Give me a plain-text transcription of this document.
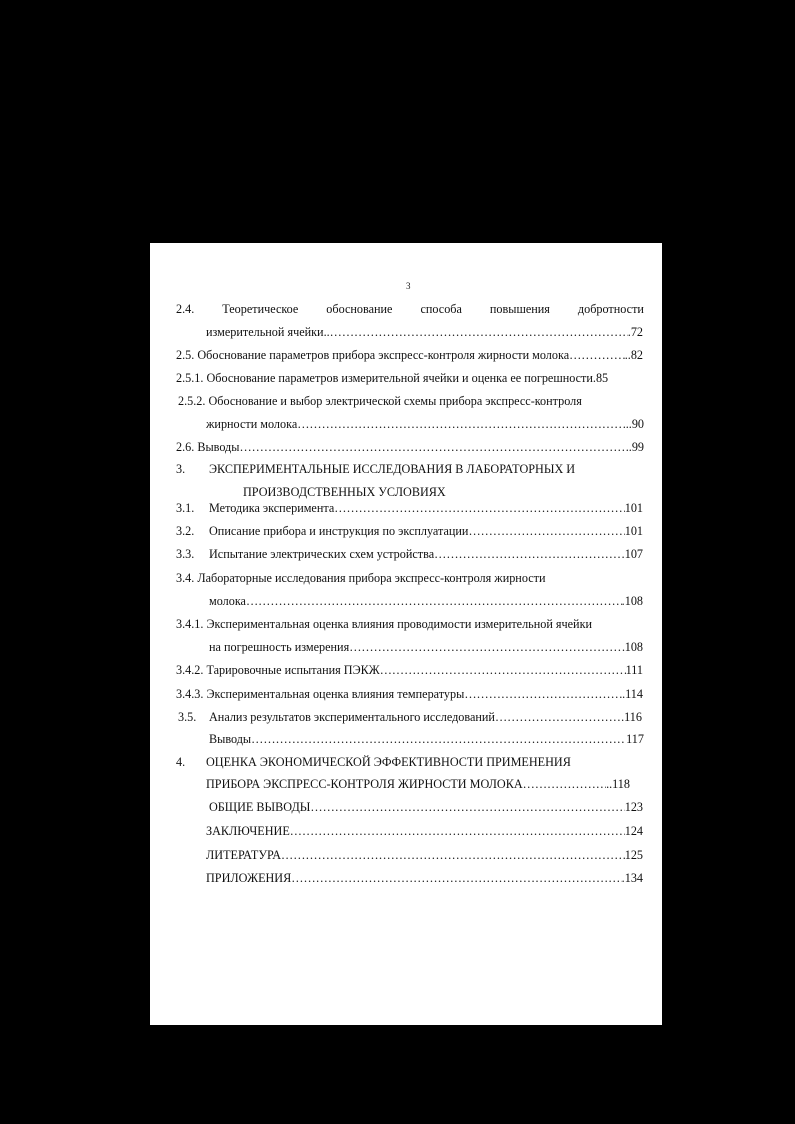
3
2.4. Теоретическое обоснование способа повышения добротности
измерительной ячейки.. ……………………………………………………………………………………………………………………………………………………………………………	.72
2.5. Обоснование параметров прибора экспресс-контроля жирности молока ……………………………………………………………………………………………………………………………………………………………………………	..82
2.5.1. Обоснование параметров измерительной ячейки и оценка ее погрешности.85
2.5.2. Обоснование и выбор электрической схемы прибора экспресс-контроля
жирности молока ……………………………………………………………………………………………………………………………………………………………………………	..90
2.6. Выводы ……………………………………………………………………………………………………………………………………………………………………………	..99
3. ЭКСПЕРИМЕНТАЛЬНЫЕ ИССЛЕДОВАНИЯ В ЛАБОРАТОРНЫХ И
ПРОИЗВОДСТВЕННЫХ УСЛОВИЯХ
3.1. Методика эксперимента ……………………………………………………………………………………………………………………………………………………………………………	101
3.2. Описание прибора и инструкция по эксплуатации ……………………………………………………………………………………………………………………………………………………………………………	101
3.3. Испытание электрических схем устройства ……………………………………………………………………………………………………………………………………………………………………………	107
3.4. Лабораторные исследования прибора экспресс-контроля жирности
молока ……………………………………………………………………………………………………………………………………………………………………………	.108
3.4.1. Экспериментальная оценка влияния проводимости измерительной ячейки
на погрешность измерения ……………………………………………………………………………………………………………………………………………………………………………	108
3.4.2. Тарировочные испытания ПЭКЖ ……………………………………………………………………………………………………………………………………………………………………………	111
3.4.3. Экспериментальная оценка влияния температуры ……………………………………………………………………………………………………………………………………………………………………………	.114
3.5. Анализ результатов экспериментального исследований ……………………………………………………………………………………………………………………………………………………………………………	.116
Выводы ……………………………………………………………………………………………………………………………………………………………………………	117
4. ОЦЕНКА ЭКОНОМИЧЕСКОЙ ЭФФЕКТИВНОСТИ ПРИМЕНЕНИЯ
ПРИБОРА ЭКСПРЕСС-КОНТРОЛЯ ЖИРНОСТИ МОЛОКА ……………………………………………………………………………………………………………………………………………………………………………	..118
ОБЩИЕ ВЫВОДЫ ……………………………………………………………………………………………………………………………………………………………………………	123
ЗАКЛЮЧЕНИЕ ……………………………………………………………………………………………………………………………………………………………………………	124
ЛИТЕРАТУРА ……………………………………………………………………………………………………………………………………………………………………………	125
ПРИЛОЖЕНИЯ ……………………………………………………………………………………………………………………………………………………………………………	.134
